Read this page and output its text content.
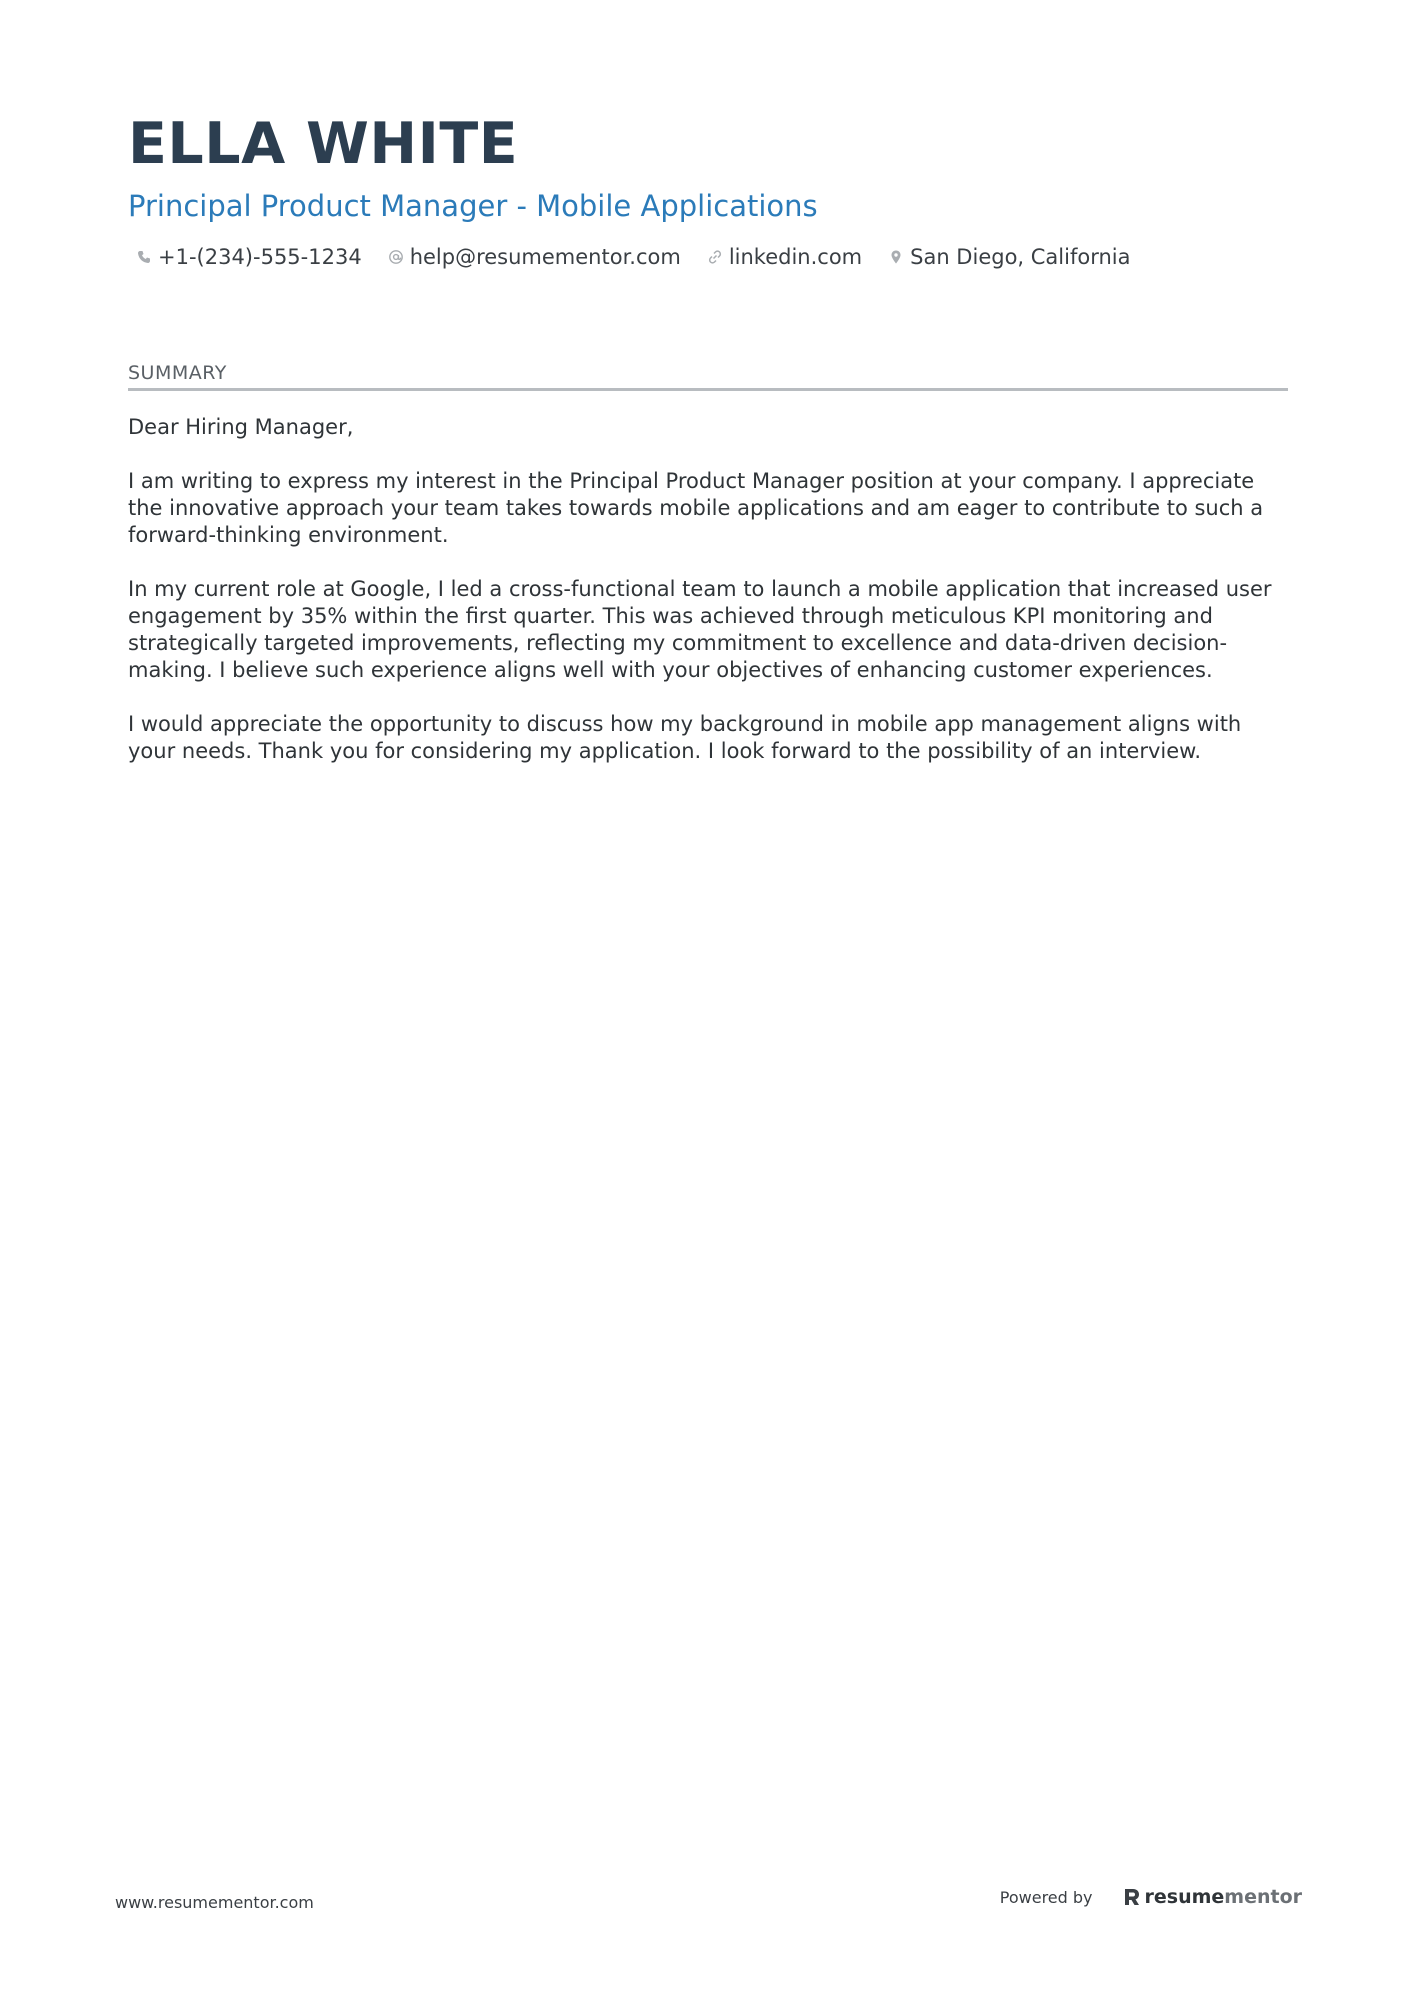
ELLA WHITE
Principal Product Manager - Mobile Applications
+1-(234)-555-1234 help@resumementor.com linkedin.com San Diego, California
SUMMARY

Dear Hiring Manager,

I am writing to express my interest in the Principal Product Manager position at your company. I appreciate the innovative approach your team takes towards mobile applications and am eager to contribute to such a forward-thinking environment.

In my current role at Google, I led a cross-functional team to launch a mobile application that increased user engagement by 35% within the first quarter. This was achieved through meticulous KPI monitoring and strategically targeted improvements, reflecting my commitment to excellence and data-driven decision-making. I believe such experience aligns well with your objectives of enhancing customer experiences.

I would appreciate the opportunity to discuss how my background in mobile app management aligns with your needs. Thank you for considering my application. I look forward to the possibility of an interview.

www.resumementor.com	Powered by	resume mentor
